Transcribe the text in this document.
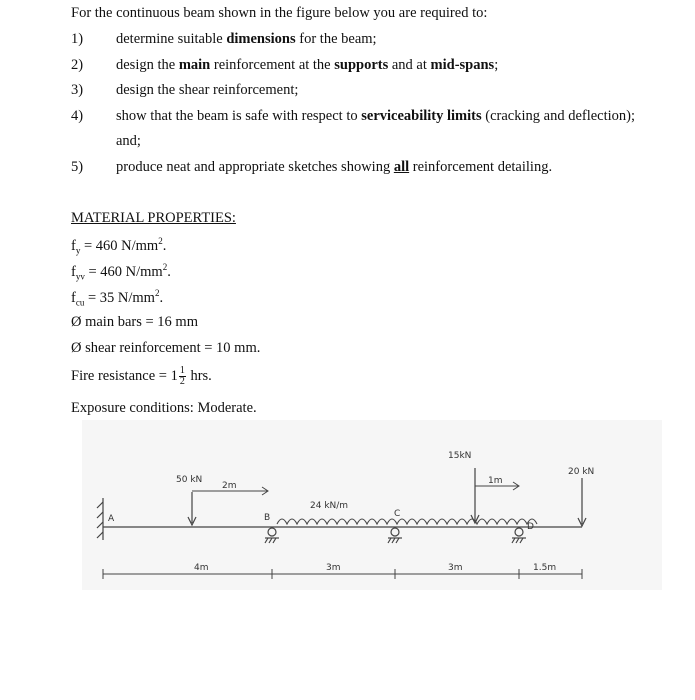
For the continuous beam shown in the figure below you are required to:
1) determine suitable dimensions for the beam;
2) design the main reinforcement at the supports and at mid-spans;
3) design the shear reinforcement;
4) show that the beam is safe with respect to serviceability limits (cracking and deflection);
and;
5) produce neat and appropriate sketches showing all reinforcement detailing.
MATERIAL PROPERTIES:
$f_y = 460$ $N/mm^2$.
$f_{yv} = 460$ $N/mm^2$.
$f_{cu} = 35$ $N/mm^2$.
Ø main bars = 16 mm
Ø shear reinforcement = 10 mm.
Fire resistance = $1 \frac{1}{2}$ hrs.
Exposure conditions: Moderate.
A
50 kN
2m
B
24 kN/m
C
15kN
1m
D
20 kN
4m	3m	3m	1.5m
